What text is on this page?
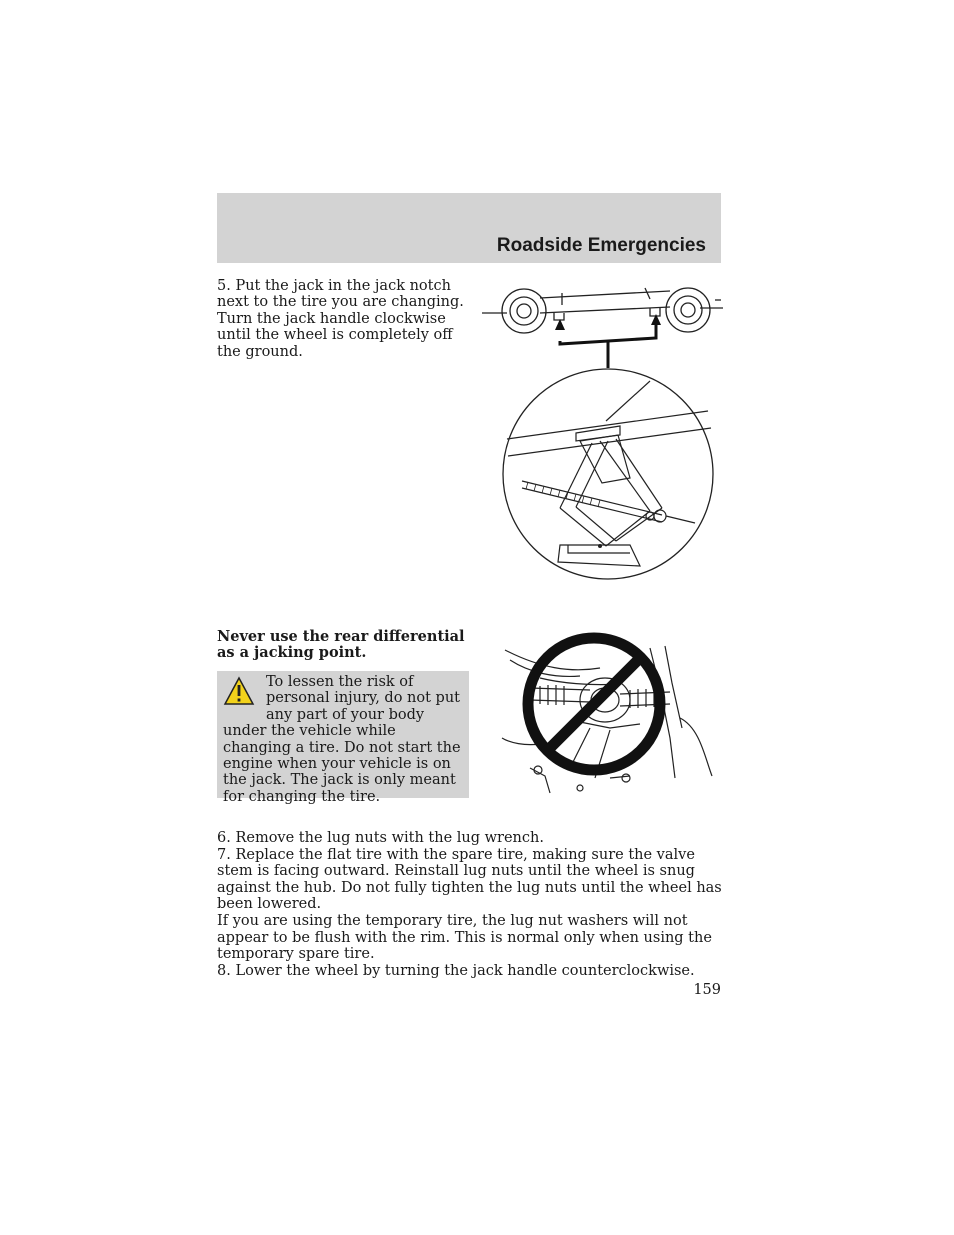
Roadside Emergencies

5. Put the jack in the jack notch next to the tire you are changing. Turn the jack handle clockwise until the wheel is completely off the ground.

Never use the rear differential as a jacking point.

To lessen the risk of personal injury, do not put any part of your body under the vehicle while changing a tire. Do not start the engine when your vehicle is on the jack. The jack is only meant for changing the tire.

6. Remove the lug nuts with the lug wrench.

7. Replace the flat tire with the spare tire, making sure the valve stem is facing outward. Reinstall lug nuts until the wheel is snug against the hub. Do not fully tighten the lug nuts until the wheel has been lowered.

If you are using the temporary tire, the lug nut washers will not appear to be flush with the rim. This is normal only when using the temporary spare tire.

8. Lower the wheel by turning the jack handle counterclockwise.

159
